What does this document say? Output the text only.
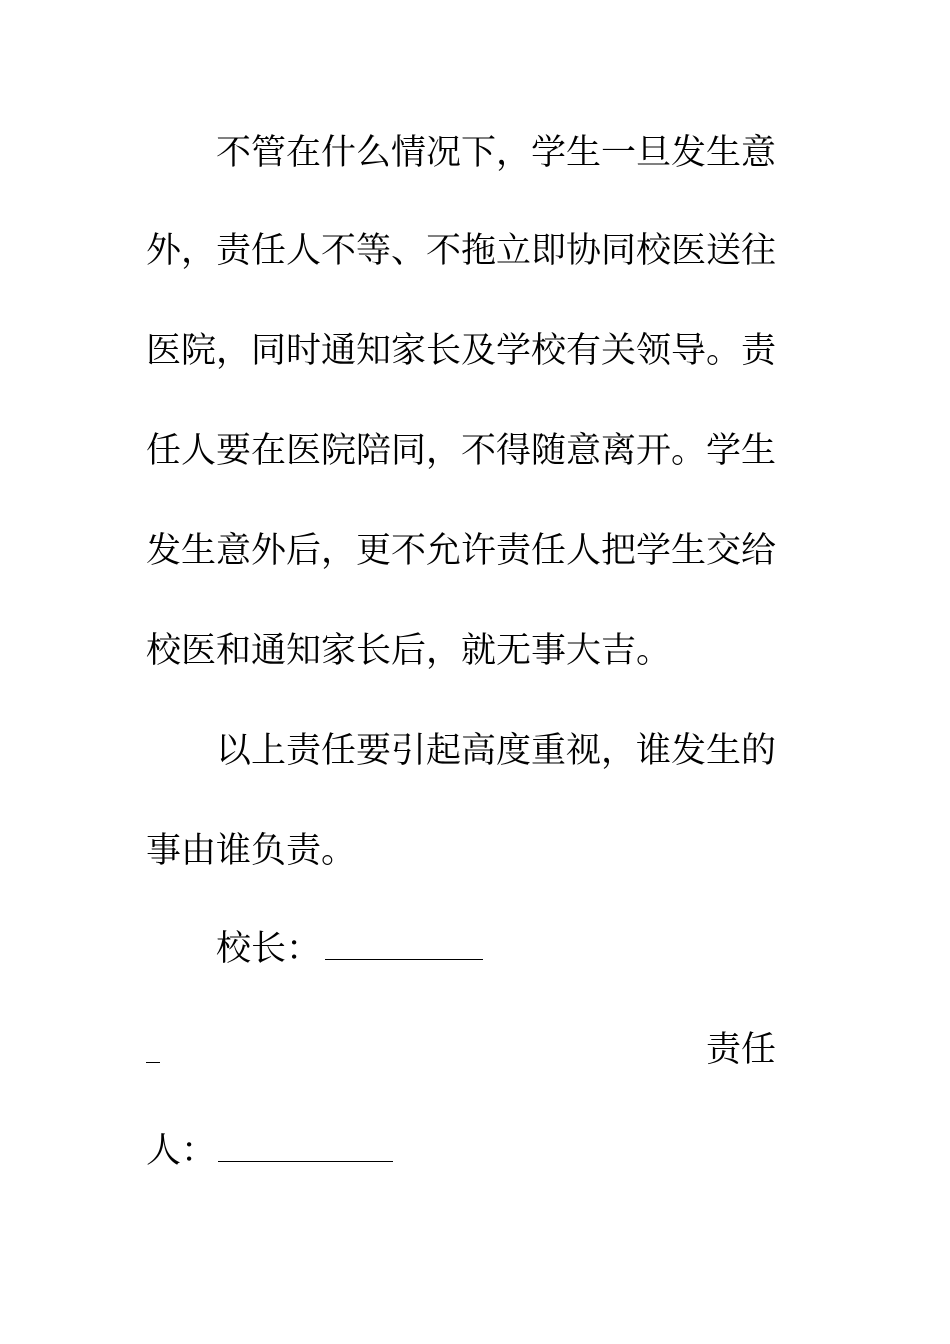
不管在什么情况下，学生一旦发生意
外，责任人不等、不拖立即协同校医送往
医院，同时通知家长及学校有关领导。责
任人要在医院陪同，不得随意离开。学生
发生意外后，更不允许责任人把学生交给
校医和通知家长后，就无事大吉。
以上责任要引起高度重视，谁发生的
事由谁负责。
校长：
责任
人：
